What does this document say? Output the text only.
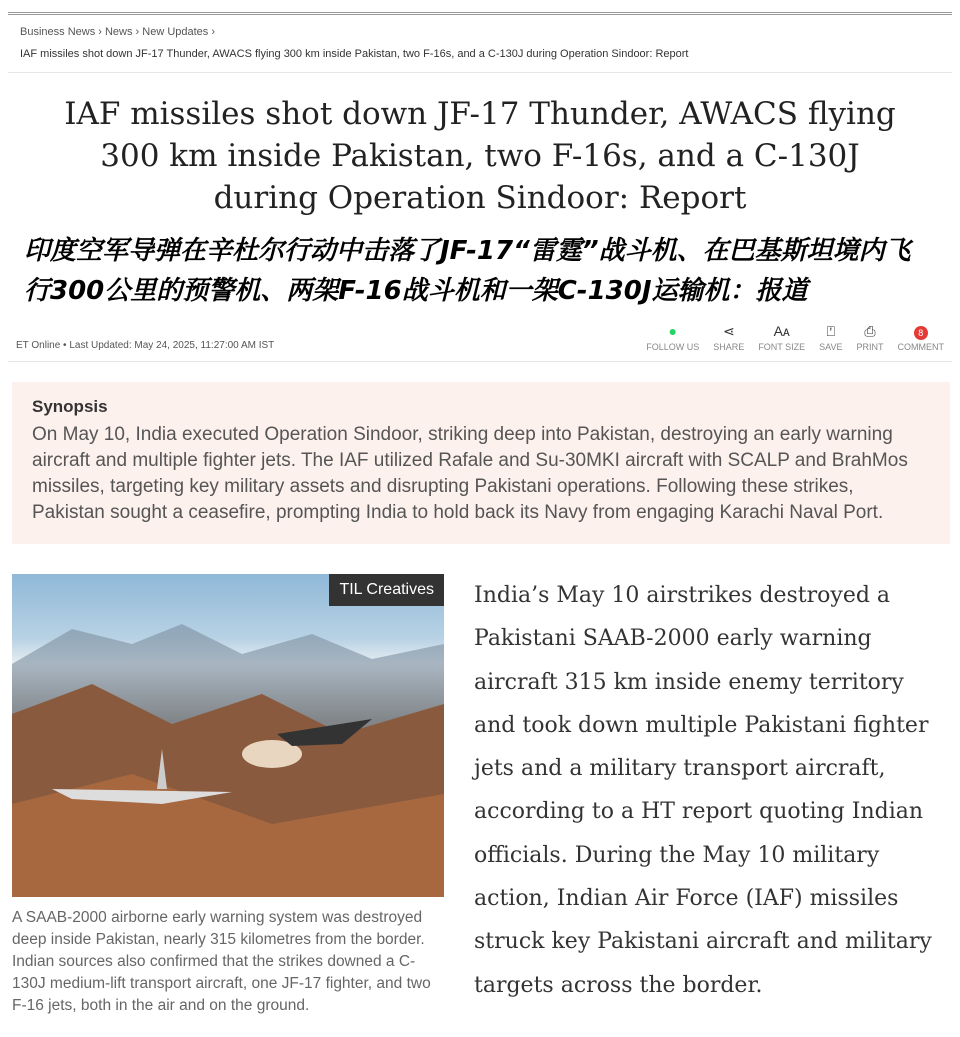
Business News › News › New Updates ›
IAF missiles shot down JF-17 Thunder, AWACS flying 300 km inside Pakistan, two F-16s, and a C-130J during Operation Sindoor: Report
IAF missiles shot down JF-17 Thunder, AWACS flying 300 km inside Pakistan, two F-16s, and a C-130J during Operation Sindoor: Report
印度空军导弹在辛杜尔行动中击落了JF-17“雷霆”战斗机、在巴基斯坦境内飞行300公里的预警机、两架F-16战斗机和一架C-130J运输机：报道
ET Online • Last Updated: May 24, 2025, 11:27:00 AM IST
●
FOLLOW US
⋖
SHARE
Aᴀ
FONT SIZE
⍞
SAVE
⎙
PRINT
8
COMMENT
Synopsis

On May 10, India executed Operation Sindoor, striking deep into Pakistan, destroying an early warning aircraft and multiple fighter jets. The IAF utilized Rafale and Su-30MKI aircraft with SCALP and BrahMos missiles, targeting key military assets and disrupting Pakistani operations. Following these strikes, Pakistan sought a ceasefire, prompting India to hold back its Navy from engaging Karachi Naval Port.

TIL Creatives
A SAAB-2000 airborne early warning system was destroyed deep inside Pakistan, nearly 315 kilometres from the border. Indian sources also confirmed that the strikes downed a C-130J medium-lift transport aircraft, one JF-17 fighter, and two F-16 jets, both in the air and on the ground.
India’s May 10 airstrikes destroyed a Pakistani SAAB-2000 early warning aircraft 315 km inside enemy territory and took down multiple Pakistani fighter jets and a military transport aircraft, according to a HT report quoting Indian officials. During the May 10 military action, Indian Air Force (IAF) missiles struck key Pakistani aircraft and military targets across the border.
